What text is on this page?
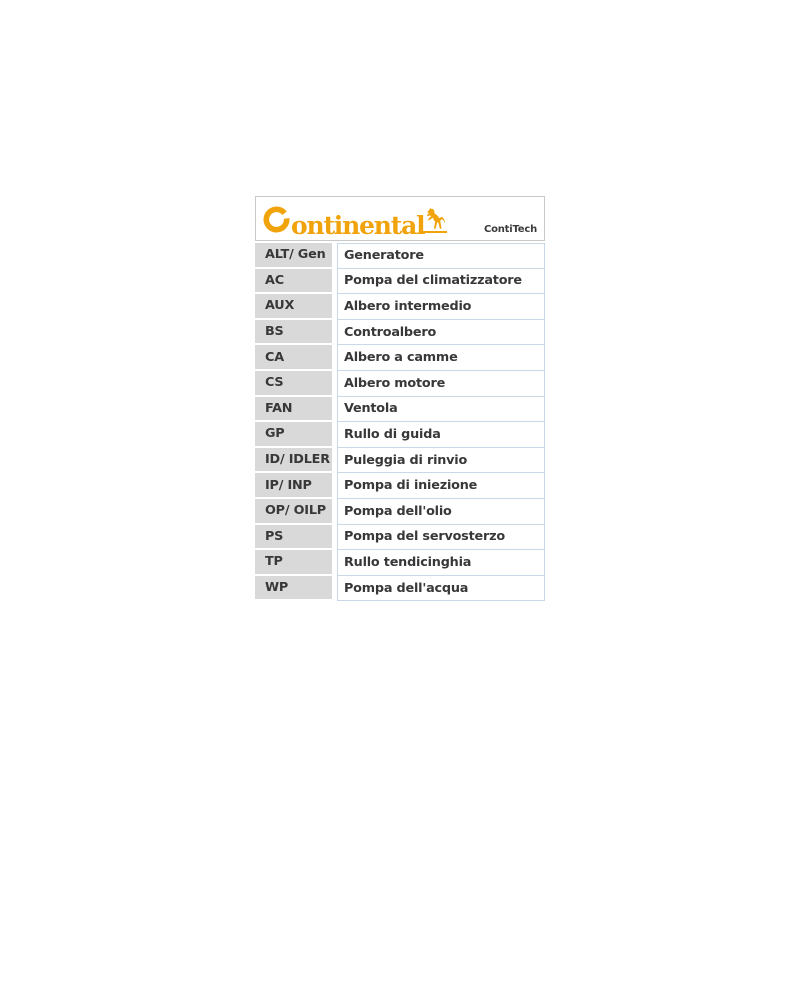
ontinental	ContiTech
ALT/ Gen	Generatore
AC	Pompa del climatizzatore
AUX	Albero intermedio
BS	Controalbero
CA	Albero a camme
CS	Albero motore
FAN	Ventola
GP	Rullo di guida
ID/ IDLER	Puleggia di rinvio
IP/ INP	Pompa di iniezione
OP/ OILP	Pompa dell'olio
PS	Pompa del servosterzo
TP	Rullo tendicinghia
WP	Pompa dell'acqua
